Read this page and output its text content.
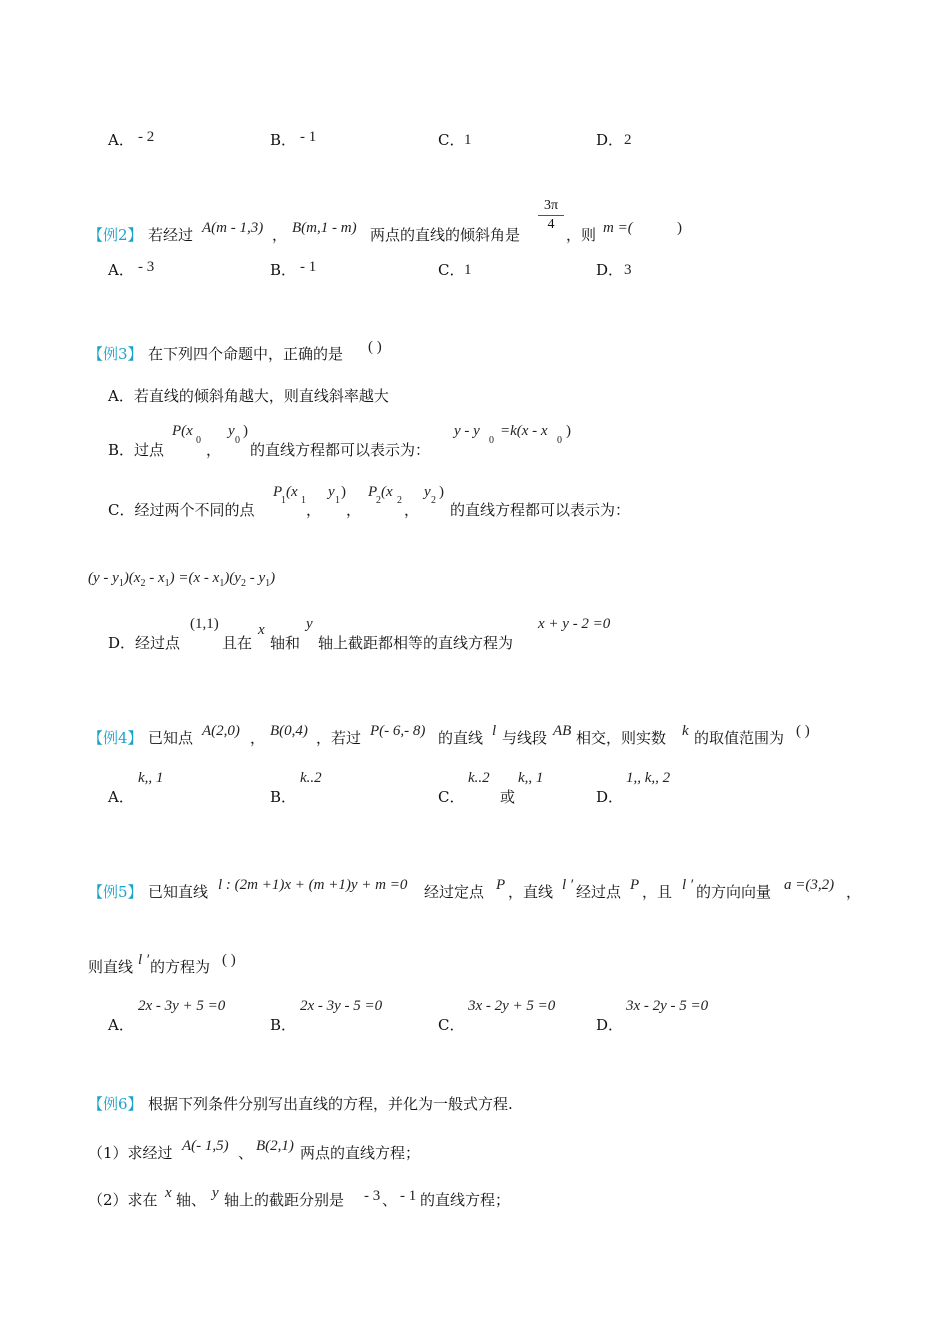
A． - 2	B． - 1	C． 1	D． 2
【例2】 若经过 A(m - 1,3) ， B(m,1 - m) 两点的直线的倾斜角是
3π
4
，则 m =(	)
A． - 3	B． - 1	C． 1	D． 3
【例3】 在下列四个命题中，正确的是 ( )
A．若直线的倾斜角越大，则直线斜率越大
B．过点
P(x
0
，
y
0
)
的直线方程都可以表示为：
y - y
0
=k(x - x
0
)
C．经过两个不同的点
P
1
(x
1
，
y
1
)
，
P
2
(x
2
，
y
2
)
的直线方程都可以表示为：
$(y - y_1)(x_2 - x_1) =(x - x_1)(y_2 - y_1)$
D．经过点
(1,1)
且在
x
轴和
y
轴上截距都相等的直线方程为
x + y - 2 =0
【例4】 已知点 A(2,0) ， B(0,4) ，若过 P(- 6,- 8) 的直线 l 与线段 AB 相交，则实数 k 的取值范围为 ( )
A．
k,, 1
B．
k..2
C．
k..2
或
k,, 1
D．
1,, k,, 2
【例5】 已知直线 l : (2m +1)x + (m +1)y + m =0 经过定点 P ，直线 l ′ 经过点 P ，且 l ′ 的方向向量 a =(3,2) ，
则直线 l ′ 的方程为 ( )
A．
2x - 3y + 5 =0
B．
2x - 3y - 5 =0
C．
3x - 2y + 5 =0
D．
3x - 2y - 5 =0
【例6】 根据下列条件分别写出直线的方程，并化为一般式方程.
（1）求经过 A(- 1,5) 、 B(2,1) 两点的直线方程；
（2）求在 x 轴、 y 轴上的截距分别是 - 3 、 - 1 的直线方程；
